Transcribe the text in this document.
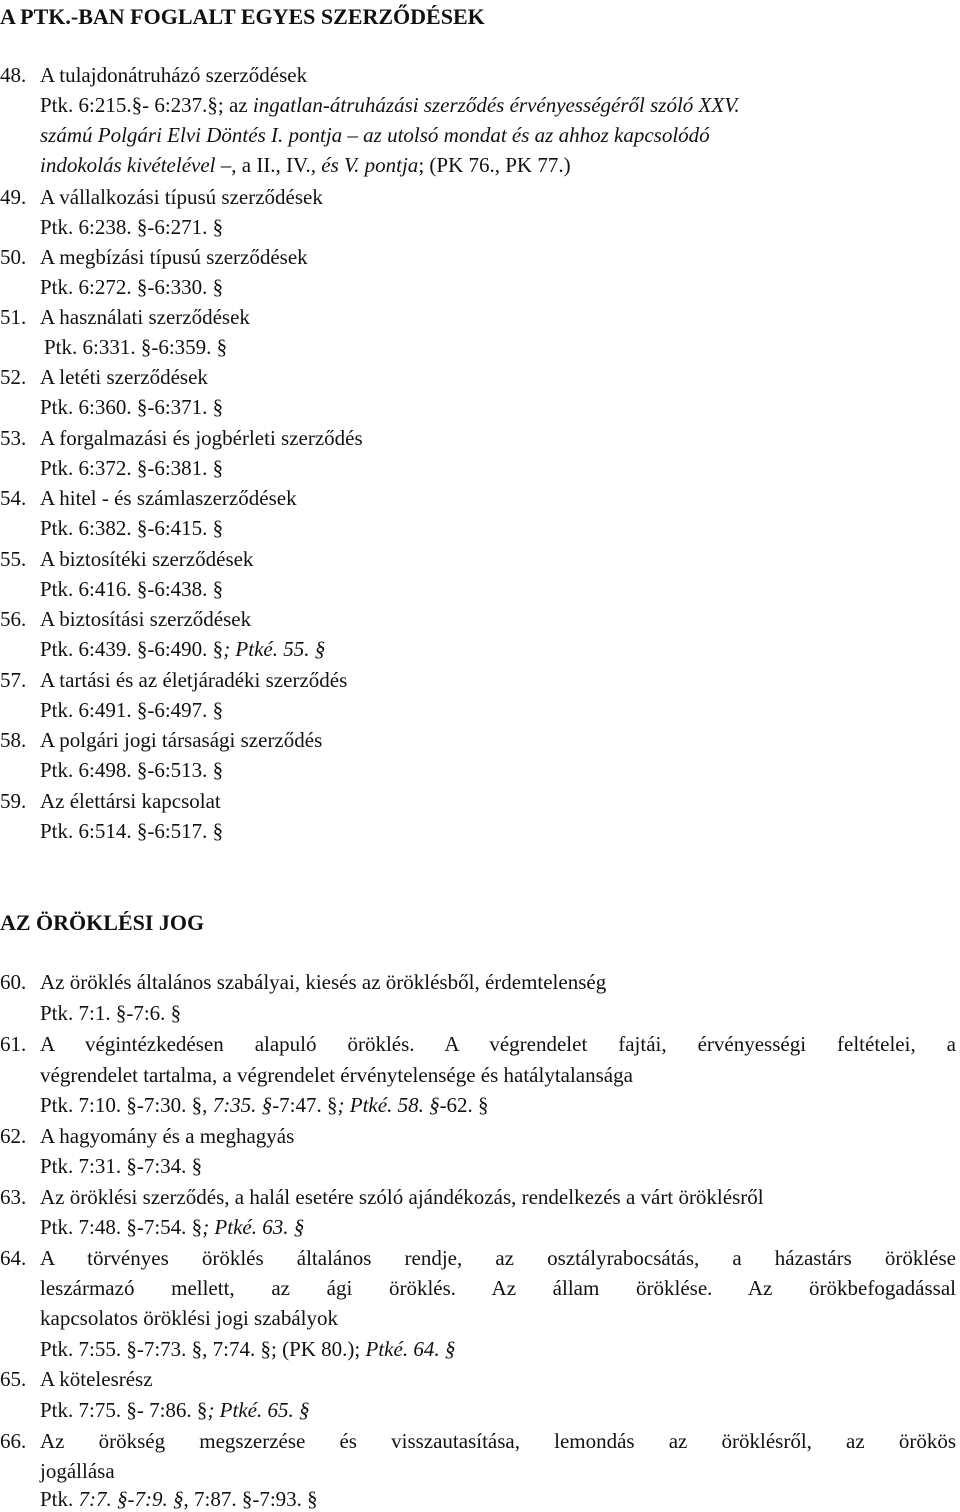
A PTK.-BAN FOGLALT EGYES SZERZŐDÉSEK
48. A tulajdonátruházó szerződések
Ptk. 6:215.§- 6:237.§; az ingatlan-átruházási szerződés érvényességéről szóló XXV.
számú Polgári Elvi Döntés I. pontja – az utolsó mondat és az ahhoz kapcsolódó
indokolás kivételével –, a II., IV., és V. pontja; (PK 76., PK 77.)
49. A vállalkozási típusú szerződések
Ptk. 6:238. §-6:271. §
50. A megbízási típusú szerződések
Ptk. 6:272. §-6:330. §
51. A használati szerződések
Ptk. 6:331. §-6:359. §
52. A letéti szerződések
Ptk. 6:360. §-6:371. §
53. A forgalmazási és jogbérleti szerződés
Ptk. 6:372. §-6:381. §
54. A hitel - és számlaszerződések
Ptk. 6:382. §-6:415. §
55. A biztosítéki szerződések
Ptk. 6:416. §-6:438. §
56. A biztosítási szerződések
Ptk. 6:439. §-6:490. §; Ptké. 55. §
57. A tartási és az életjáradéki szerződés
Ptk. 6:491. §-6:497. §
58. A polgári jogi társasági szerződés
Ptk. 6:498. §-6:513. §
59. Az élettársi kapcsolat
Ptk. 6:514. §-6:517. §
AZ ÖRÖKLÉSI JOG
60. Az öröklés általános szabályai, kiesés az öröklésből, érdemtelenség
Ptk. 7:1. §-7:6. §
61. A végintézkedésen alapuló öröklés. A végrendelet fajtái, érvényességi feltételei, a
végrendelet tartalma, a végrendelet érvénytelensége és hatálytalansága
Ptk. 7:10. §-7:30. §, 7:35. §-7:47. §; Ptké. 58. §-62. §
62. A hagyomány és a meghagyás
Ptk. 7:31. §-7:34. §
63. Az öröklési szerződés, a halál esetére szóló ajándékozás, rendelkezés a várt öröklésről
Ptk. 7:48. §-7:54. §; Ptké. 63. §
64. A törvényes öröklés általános rendje, az osztályrabocsátás, a házastárs öröklése
leszármazó mellett, az ági öröklés. Az állam öröklése. Az örökbefogadással
kapcsolatos öröklési jogi szabályok
Ptk. 7:55. §-7:73. §, 7:74. §; (PK 80.); Ptké. 64. §
65. A kötelesrész
Ptk. 7:75. §- 7:86. §; Ptké. 65. §
66. Az örökség megszerzése és visszautasítása, lemondás az öröklésről, az örökös
jogállása
Ptk. 7:7. §-7:9. §, 7:87. §-7:93. §
